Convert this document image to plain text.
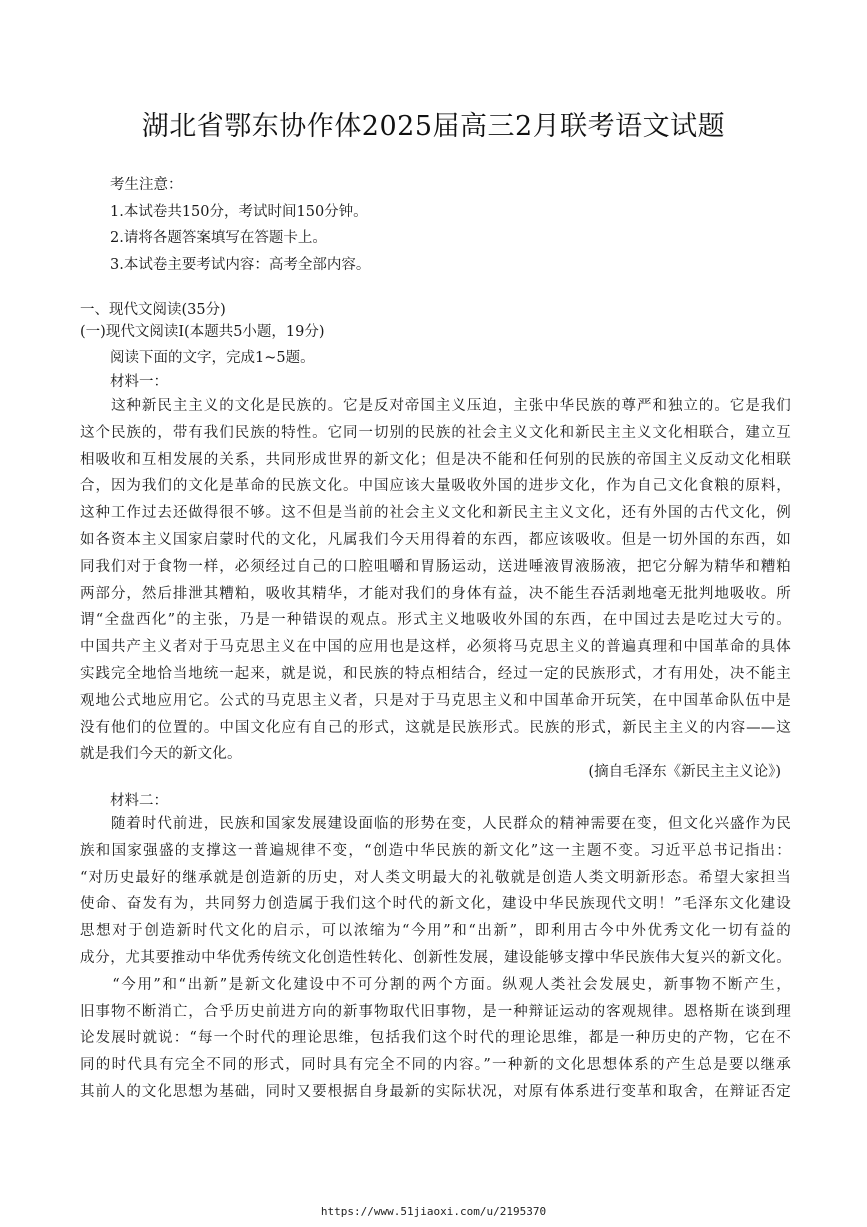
湖北省鄂东协作体2025届高三2月联考语文试题
考生注意：
1.本试卷共150分，考试时间150分钟。
2.请将各题答案填写在答题卡上。
3.本试卷主要考试内容：高考全部内容。
一、现代文阅读(35分)
(一)现代文阅读Ⅰ(本题共5小题，19分)
阅读下面的文字，完成1~5题。
材料一：
　　这种新民主主义的文化是民族的。它是反对帝国主义压迫，主张中华民族的尊严和独立的。它是我们
这个民族的，带有我们民族的特性。它同一切别的民族的社会主义文化和新民主主义文化相联合，建立互
相吸收和互相发展的关系，共同形成世界的新文化；但是决不能和任何别的民族的帝国主义反动文化相联
合，因为我们的文化是革命的民族文化。中国应该大量吸收外国的进步文化，作为自己文化食粮的原料，
这种工作过去还做得很不够。这不但是当前的社会主义文化和新民主主义文化，还有外国的古代文化，例
如各资本主义国家启蒙时代的文化，凡属我们今天用得着的东西，都应该吸收。但是一切外国的东西，如
同我们对于食物一样，必须经过自己的口腔咀嚼和胃肠运动，送进唾液胃液肠液，把它分解为精华和糟粕
两部分，然后排泄其糟粕，吸收其精华，才能对我们的身体有益，决不能生吞活剥地毫无批判地吸收。所
谓“全盘西化”的主张，乃是一种错误的观点。形式主义地吸收外国的东西，在中国过去是吃过大亏的。
中国共产主义者对于马克思主义在中国的应用也是这样，必须将马克思主义的普遍真理和中国革命的具体
实践完全地恰当地统一起来，就是说，和民族的特点相结合，经过一定的民族形式，才有用处，决不能主
观地公式地应用它。公式的马克思主义者，只是对于马克思主义和中国革命开玩笑，在中国革命队伍中是
没有他们的位置的。中国文化应有自己的形式，这就是民族形式。民族的形式，新民主主义的内容——这
就是我们今天的新文化。
(摘自毛泽东《新民主主义论》)
材料二：
　　随着时代前进，民族和国家发展建设面临的形势在变，人民群众的精神需要在变，但文化兴盛作为民
族和国家强盛的支撑这一普遍规律不变，“创造中华民族的新文化”这一主题不变。习近平总书记指出：
“对历史最好的继承就是创造新的历史，对人类文明最大的礼敬就是创造人类文明新形态。希望大家担当
使命、奋发有为，共同努力创造属于我们这个时代的新文化，建设中华民族现代文明！”毛泽东文化建设
思想对于创造新时代文化的启示，可以浓缩为“今用”和“出新”，即利用古今中外优秀文化一切有益的
成分，尤其要推动中华优秀传统文化创造性转化、创新性发展，建设能够支撑中华民族伟大复兴的新文化。
　　“今用”和“出新”是新文化建设中不可分割的两个方面。纵观人类社会发展史，新事物不断产生，
旧事物不断消亡，合乎历史前进方向的新事物取代旧事物，是一种辩证运动的客观规律。恩格斯在谈到理
论发展时就说：“每一个时代的理论思维，包括我们这个时代的理论思维，都是一种历史的产物，它在不
同的时代具有完全不同的形式，同时具有完全不同的内容。”一种新的文化思想体系的产生总是要以继承
其前人的文化思想为基础，同时又要根据自身最新的实际状况，对原有体系进行变革和取舍，在辩证否定
https://www.51jiaoxi.com/u/2195370
